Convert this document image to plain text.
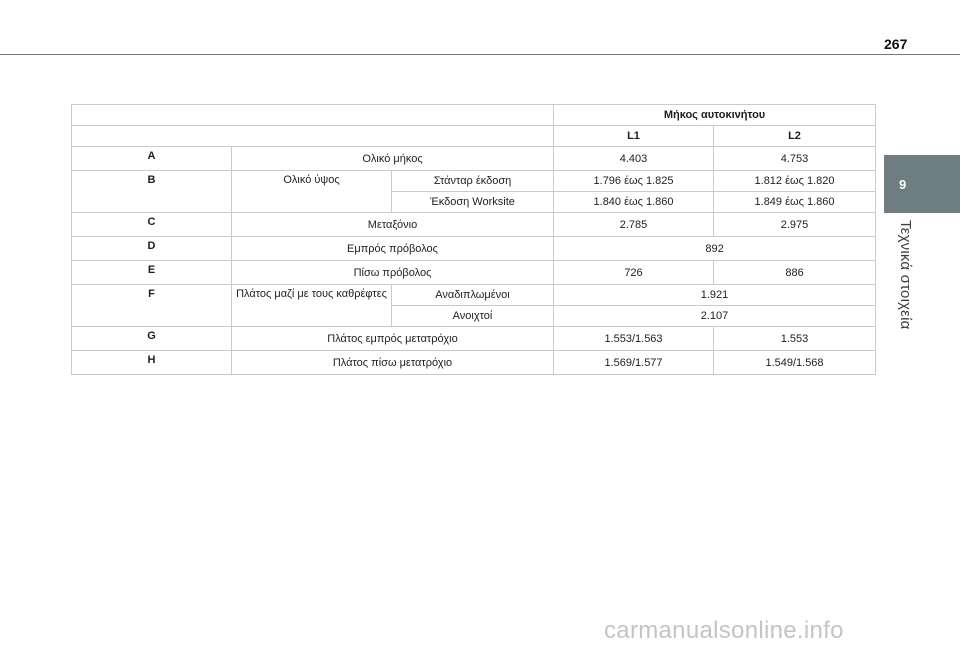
267
9
Τεχνικά στοιχεία
			Μήκος αυτοκινήτου	
			L1	L2
A	Ολικό μήκος		4.403	4.753
B	Ολικό ύψος	Στάνταρ έκδοση	1.796 έως 1.825	1.812 έως 1.820
		Έκδοση Worksite	1.840 έως 1.860	1.849 έως 1.860
C	Μεταξόνιο		2.785	2.975
D	Εμπρός πρόβολος		892	
E	Πίσω πρόβολος		726	886
F	Πλάτος μαζί με τους καθρέφτες	Αναδιπλωμένοι	1.921	
		Ανοιχτοί	2.107	
G	Πλάτος εμπρός μετατρόχιο		1.553/1.563	1.553
H	Πλάτος πίσω μετατρόχιο		1.569/1.577	1.549/1.568
carmanualsonline.info
